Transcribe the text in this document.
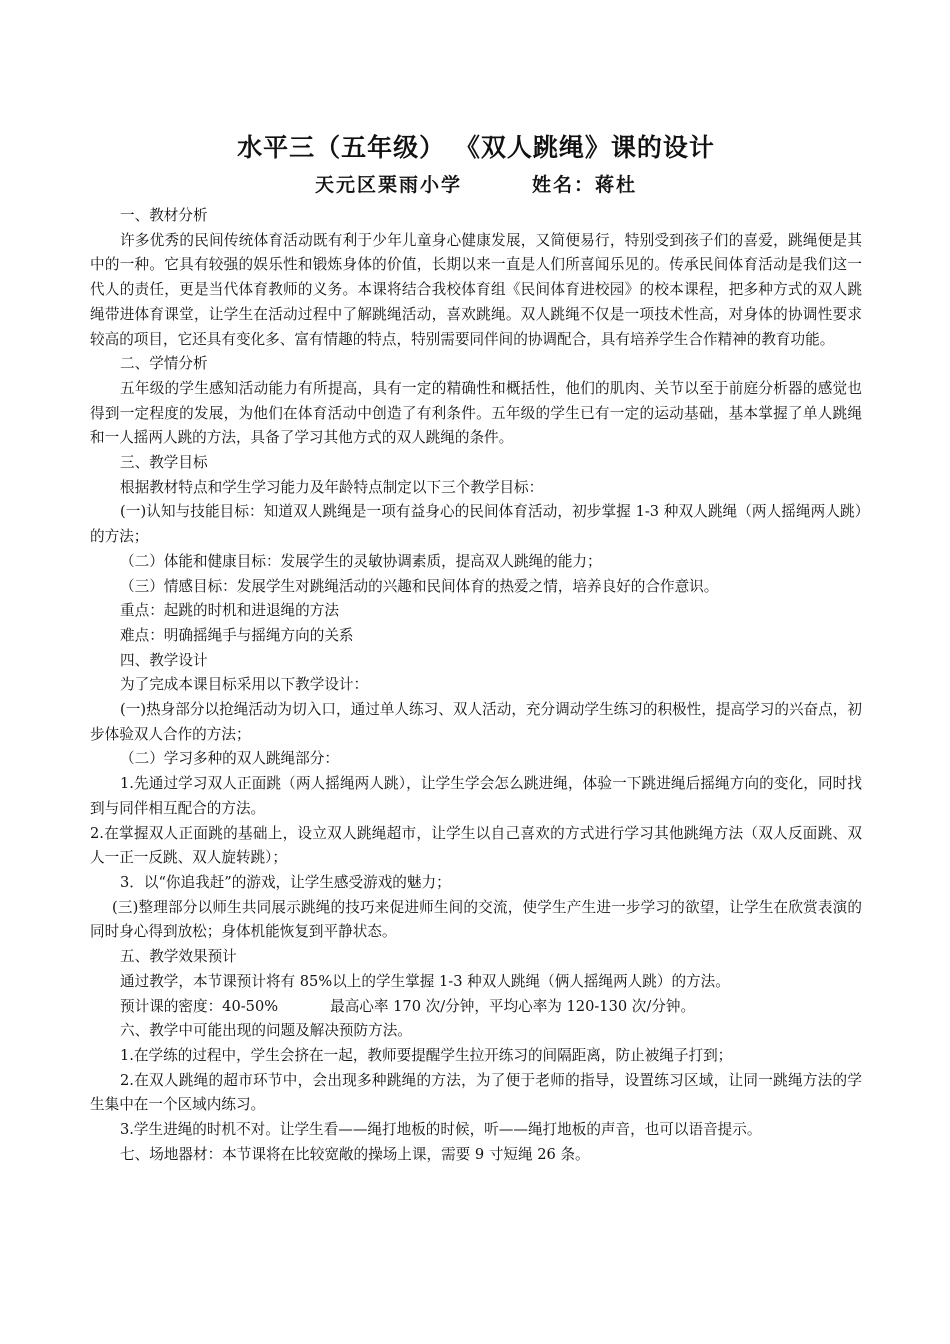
水平三（五年级） 《双人跳绳》课的设计
天元区栗雨小学	姓名：蒋杜

一、教材分析

许多优秀的民间传统体育活动既有利于少年儿童身心健康发展，又简便易行，特别受到孩子们的喜爱，跳绳便是其中的一种。它具有较强的娱乐性和锻炼身体的价值，长期以来一直是人们所喜闻乐见的。传承民间体育活动是我们这一代人的责任，更是当代体育教师的义务。本课将结合我校体育组《民间体育进校园》的校本课程，把多种方式的双人跳绳带进体育课堂，让学生在活动过程中了解跳绳活动，喜欢跳绳。双人跳绳不仅是一项技术性高，对身体的协调性要求较高的项目，它还具有变化多、富有情趣的特点，特别需要同伴间的协调配合，具有培养学生合作精神的教育功能。

二、学情分析

五年级的学生感知活动能力有所提高，具有一定的精确性和概括性，他们的肌肉、关节以至于前庭分析器的感觉也得到一定程度的发展，为他们在体育活动中创造了有利条件。五年级的学生已有一定的运动基础，基本掌握了单人跳绳和一人摇两人跳的方法，具备了学习其他方式的双人跳绳的条件。

三、教学目标

根据教材特点和学生学习能力及年龄特点制定以下三个教学目标：

(一)认知与技能目标：知道双人跳绳是一项有益身心的民间体育活动，初步掌握 1-3 种双人跳绳（两人摇绳两人跳）的方法；

（二）体能和健康目标：发展学生的灵敏协调素质，提高双人跳绳的能力；

（三）情感目标：发展学生对跳绳活动的兴趣和民间体育的热爱之情，培养良好的合作意识。

重点：起跳的时机和进退绳的方法

难点：明确摇绳手与摇绳方向的关系

四、教学设计

为了完成本课目标采用以下教学设计：

(一)热身部分以抢绳活动为切入口，通过单人练习、双人活动，充分调动学生练习的积极性，提高学习的兴奋点，初步体验双人合作的方法；

（二）学习多种的双人跳绳部分：

1.先通过学习双人正面跳（两人摇绳两人跳），让学生学会怎么跳进绳，体验一下跳进绳后摇绳方向的变化，同时找到与同伴相互配合的方法。

2.在掌握双人正面跳的基础上，设立双人跳绳超市，让学生以自己喜欢的方式进行学习其他跳绳方法（双人反面跳、双人一正一反跳、双人旋转跳）；

3．以“你追我赶”的游戏，让学生感受游戏的魅力；

(三)整理部分以师生共同展示跳绳的技巧来促进师生间的交流，使学生产生进一步学习的欲望，让学生在欣赏表演的同时身心得到放松；身体机能恢复到平静状态。

五、教学效果预计

通过教学，本节课预计将有 85%以上的学生掌握 1-3 种双人跳绳（俩人摇绳两人跳）的方法。

预计课的密度：40-50%	最高心率 170 次/分钟，平均心率为 120-130 次/分钟。

六、教学中可能出现的问题及解决预防方法。

1.在学练的过程中，学生会挤在一起，教师要提醒学生拉开练习的间隔距离，防止被绳子打到；

2.在双人跳绳的超市环节中，会出现多种跳绳的方法，为了便于老师的指导，设置练习区域，让同一跳绳方法的学生集中在一个区域内练习。

3.学生进绳的时机不对。让学生看——绳打地板的时候，听——绳打地板的声音，也可以语音提示。

七、场地器材：本节课将在比较宽敞的操场上课，需要 9 寸短绳 26 条。
